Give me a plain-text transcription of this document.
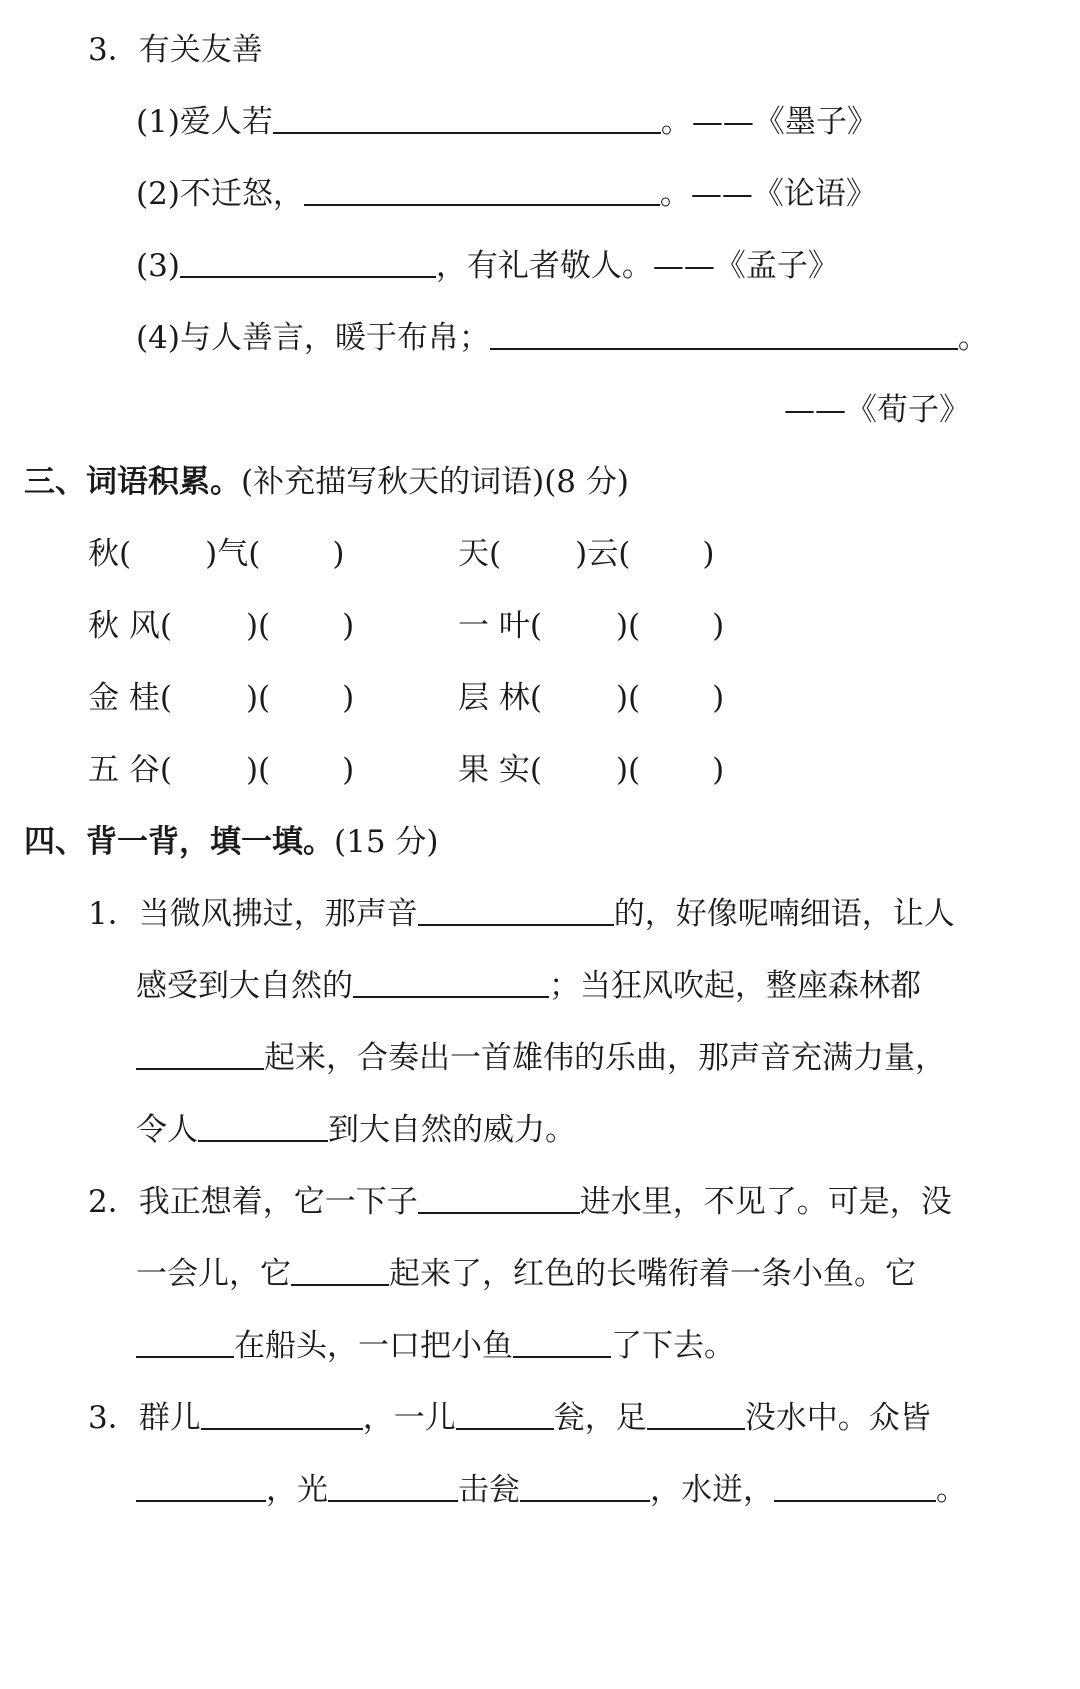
3．有关友善
(1)爱人若	。——《墨子》
(2)不迁怒，	。——《论语》
(3)	，有礼者敬人。——《孟子》
(4)与人善言，暖于布帛；	。
——《荀子》
三、词语积累。(补充描写秋天的词语)(8 分)
秋( )气( )	天( )云( )
秋 风( )( )	一 叶( )( )
金 桂( )( )	层 林( )( )
五 谷( )( )	果 实( )( )
四、背一背，填一填。(15 分)
1．当微风拂过，那声音	的，好像呢喃细语，让人
感受到大自然的	；当狂风吹起，整座森林都
起来，合奏出一首雄伟的乐曲，那声音充满力量，
令人	到大自然的威力。
2．我正想着，它一下子	进水里，不见了。可是，没
一会儿，它	起来了，红色的长嘴衔着一条小鱼。它
在船头，一口把小鱼	了下去。
3．群儿	，一儿	瓮，足	没水中。众皆
，光	击瓮	，水迸，	。
